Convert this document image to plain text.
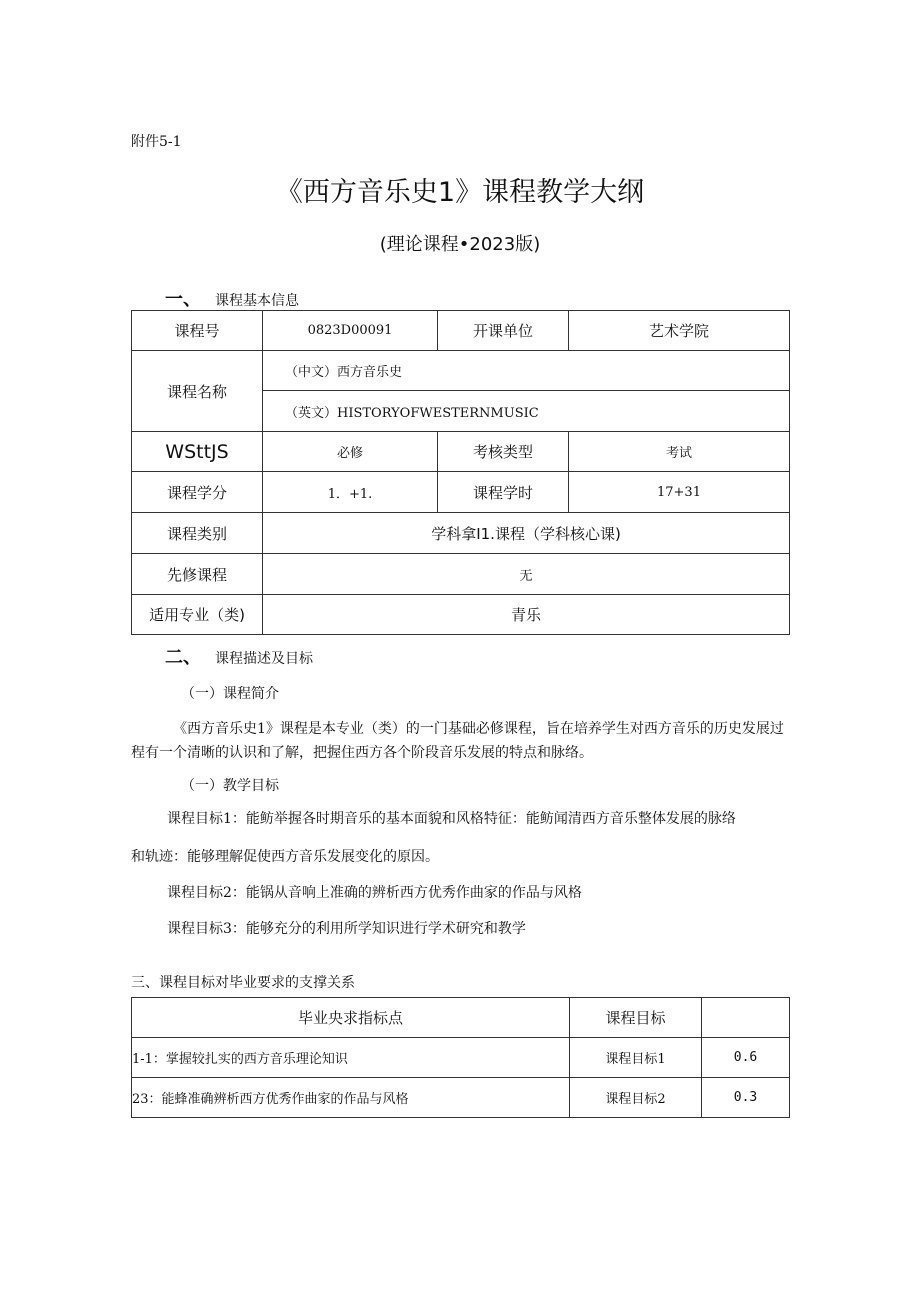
附件5-1
《西方音乐史1》课程教学大纲
(理论课程•2023版)
一、 课程基本信息
课程号	0823D00091	开课单位	艺术学院
课程名称	（中文）西方音乐史		
	（英文）HISTORYOFWESTERNMUSIC		
WSttJS	必修	考核类型	考试
课程学分	1．+1.	课程学时	17+31
课程类别	学科拿I1.课程（学科核心课)		
先修课程	无		
适用专业（类)	青乐		
二、 课程描述及目标
（一）课程简介
《西方音乐史1》课程是本专业（类）的一门基础必修课程，旨在培养学生对西方音乐的历史发展过程有一个清晰的认识和了解，把握住西方各个阶段音乐发展的特点和脉络。
（一）教学目标
课程目标1：能鲂举握各时期音乐的基本面貌和风格特征：能鲂闻清西方音乐整体发展的脉络
和轨迹：能够理解促使西方音乐发展变化的原因。
课程目标2：能锅从音响上准确的辨析西方优秀作曲家的作品与风格
课程目标3：能够充分的利用所学知识进行学术研究和教学
三、课程目标对毕业要求的支撑关系
毕业央求指标点	课程目标	
1-1：掌握较扎实的西方音乐理论知识	课程目标1	0.6
23：能蜂准确辨析西方优秀作曲家的作品与风格	课程目标2	0.3
